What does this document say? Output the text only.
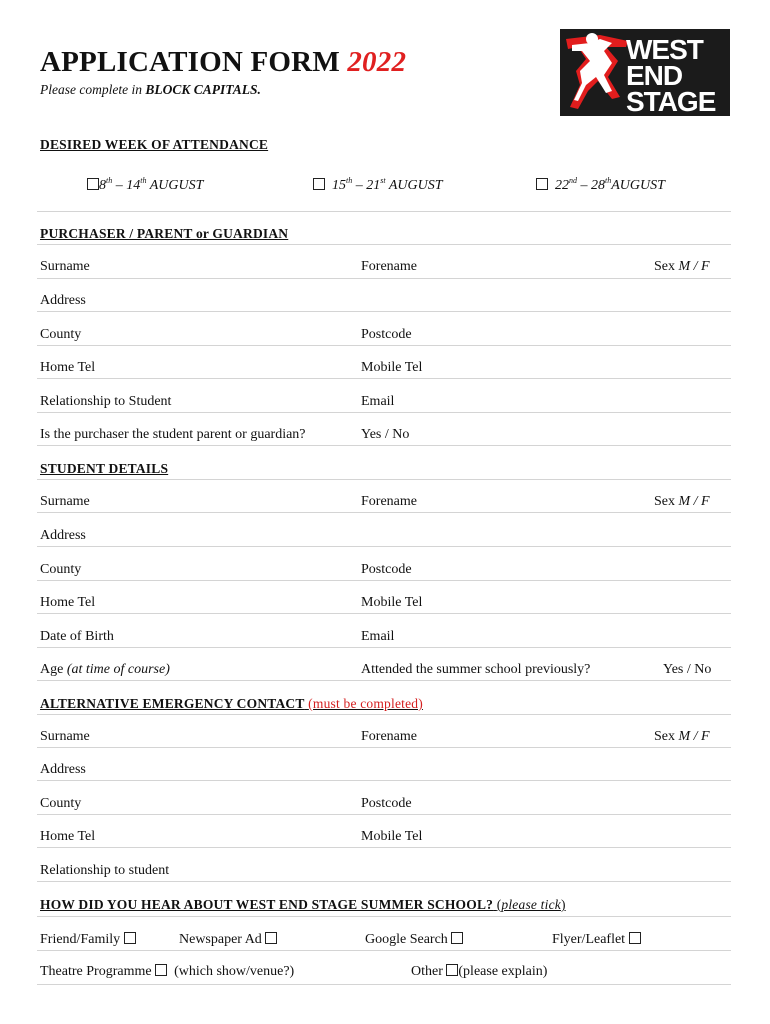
APPLICATION FORM 2022
Please complete in BLOCK CAPITALS.
WEST
END
STAGE
DESIRED WEEK OF ATTENDANCE
8th – 14th AUGUST	15th – 21st AUGUST	22nd – 28thAUGUST
PURCHASER / PARENT or GUARDIAN
Surname	Forename	Sex M / F
Address
County	Postcode
Home Tel	Mobile Tel
Relationship to Student	Email
Is the purchaser the student parent or guardian?	Yes / No
STUDENT DETAILS
Surname	Forename	Sex M / F
Address
County	Postcode
Home Tel	Mobile Tel
Date of Birth	Email
Age (at time of course)	Attended the summer school previously?	Yes / No
ALTERNATIVE EMERGENCY CONTACT (must be completed)
Surname	Forename	Sex M / F
Address
County	Postcode
Home Tel	Mobile Tel
Relationship to student
HOW DID YOU HEAR ABOUT WEST END STAGE SUMMER SCHOOL? (please tick)
Friend/Family	Newspaper Ad	Google Search	Flyer/Leaflet
Theatre Programme (which show/venue?)	Other (please explain)
